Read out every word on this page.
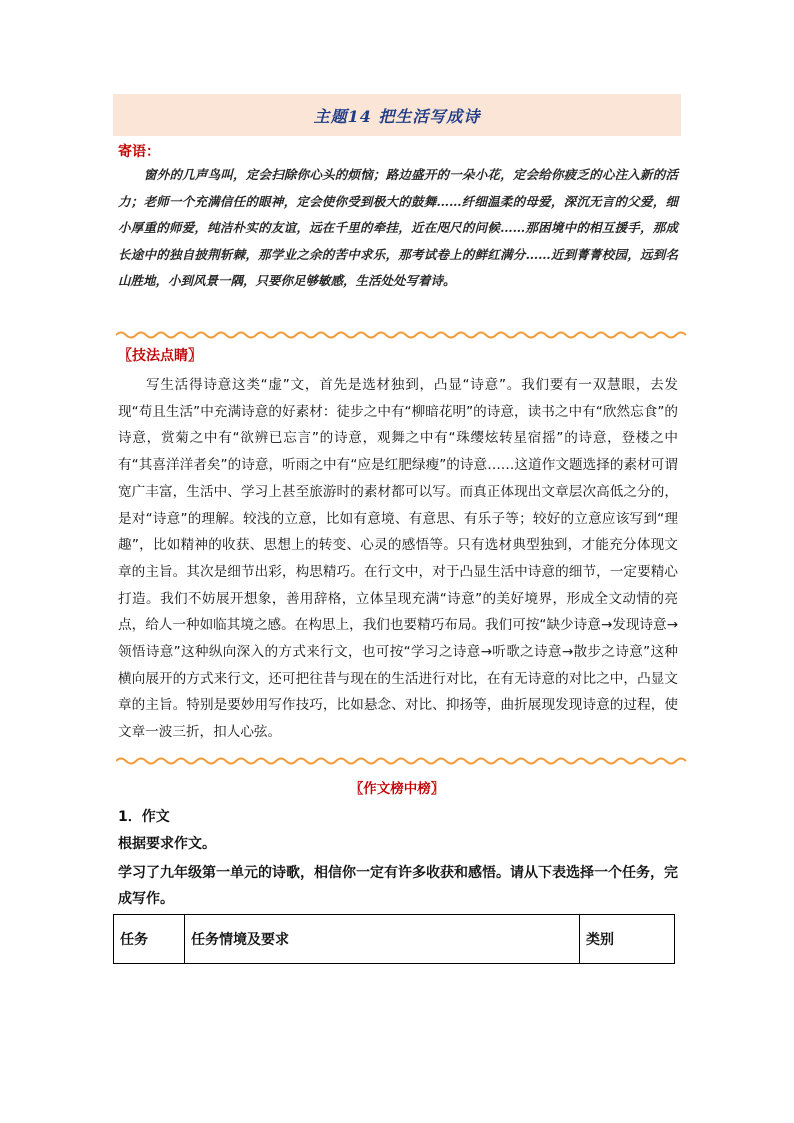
主题14 把生活写成诗
寄语：

窗外的几声鸟叫，定会扫除你心头的烦恼；路边盛开的一朵小花，定会给你疲乏的心注入新的活力；老师一个充满信任的眼神，定会使你受到极大的鼓舞……纤细温柔的母爱，深沉无言的父爱，细小厚重的师爱，纯洁朴实的友谊，远在千里的牵挂，近在咫尺的问候……那困境中的相互援手，那成长途中的独自披荆斩棘，那学业之余的苦中求乐，那考试卷上的鲜红满分……近到菁菁校园，远到名山胜地，小到风景一隅，只要你足够敏感，生活处处写着诗。

〖技法点睛〗

写生活得诗意这类“虚”文，首先是选材独到，凸显“诗意”。我们要有一双慧眼，去发现“苟且生活”中充满诗意的好素材：徒步之中有“柳暗花明”的诗意，读书之中有“欣然忘食”的诗意，赏菊之中有“欲辨已忘言”的诗意，观舞之中有“珠缨炫转星宿摇”的诗意，登楼之中有“其喜洋洋者矣”的诗意，听雨之中有“应是红肥绿瘦”的诗意……这道作文题选择的素材可谓宽广丰富，生活中、学习上甚至旅游时的素材都可以写。而真正体现出文章层次高低之分的，是对“诗意”的理解。较浅的立意，比如有意境、有意思、有乐子等；较好的立意应该写到“理趣”，比如精神的收获、思想上的转变、心灵的感悟等。只有选材典型独到，才能充分体现文章的主旨。其次是细节出彩，构思精巧。在行文中，对于凸显生活中诗意的细节，一定要精心打造。我们不妨展开想象，善用辞格，立体呈现充满“诗意”的美好境界，形成全文动情的亮点，给人一种如临其境之感。在构思上，我们也要精巧布局。我们可按“缺少诗意→发现诗意→领悟诗意”这种纵向深入的方式来行文，也可按“学习之诗意→听歌之诗意→散步之诗意”这种横向展开的方式来行文，还可把往昔与现在的生活进行对比，在有无诗意的对比之中，凸显文章的主旨。特别是要妙用写作技巧，比如悬念、对比、抑扬等，曲折展现发现诗意的过程，使文章一波三折，扣人心弦。

〖作文榜中榜〗
1．作文
根据要求作文。
学习了九年级第一单元的诗歌，相信你一定有许多收获和感悟。请从下表选择一个任务，完成写作。
任务	任务情境及要求	类别
